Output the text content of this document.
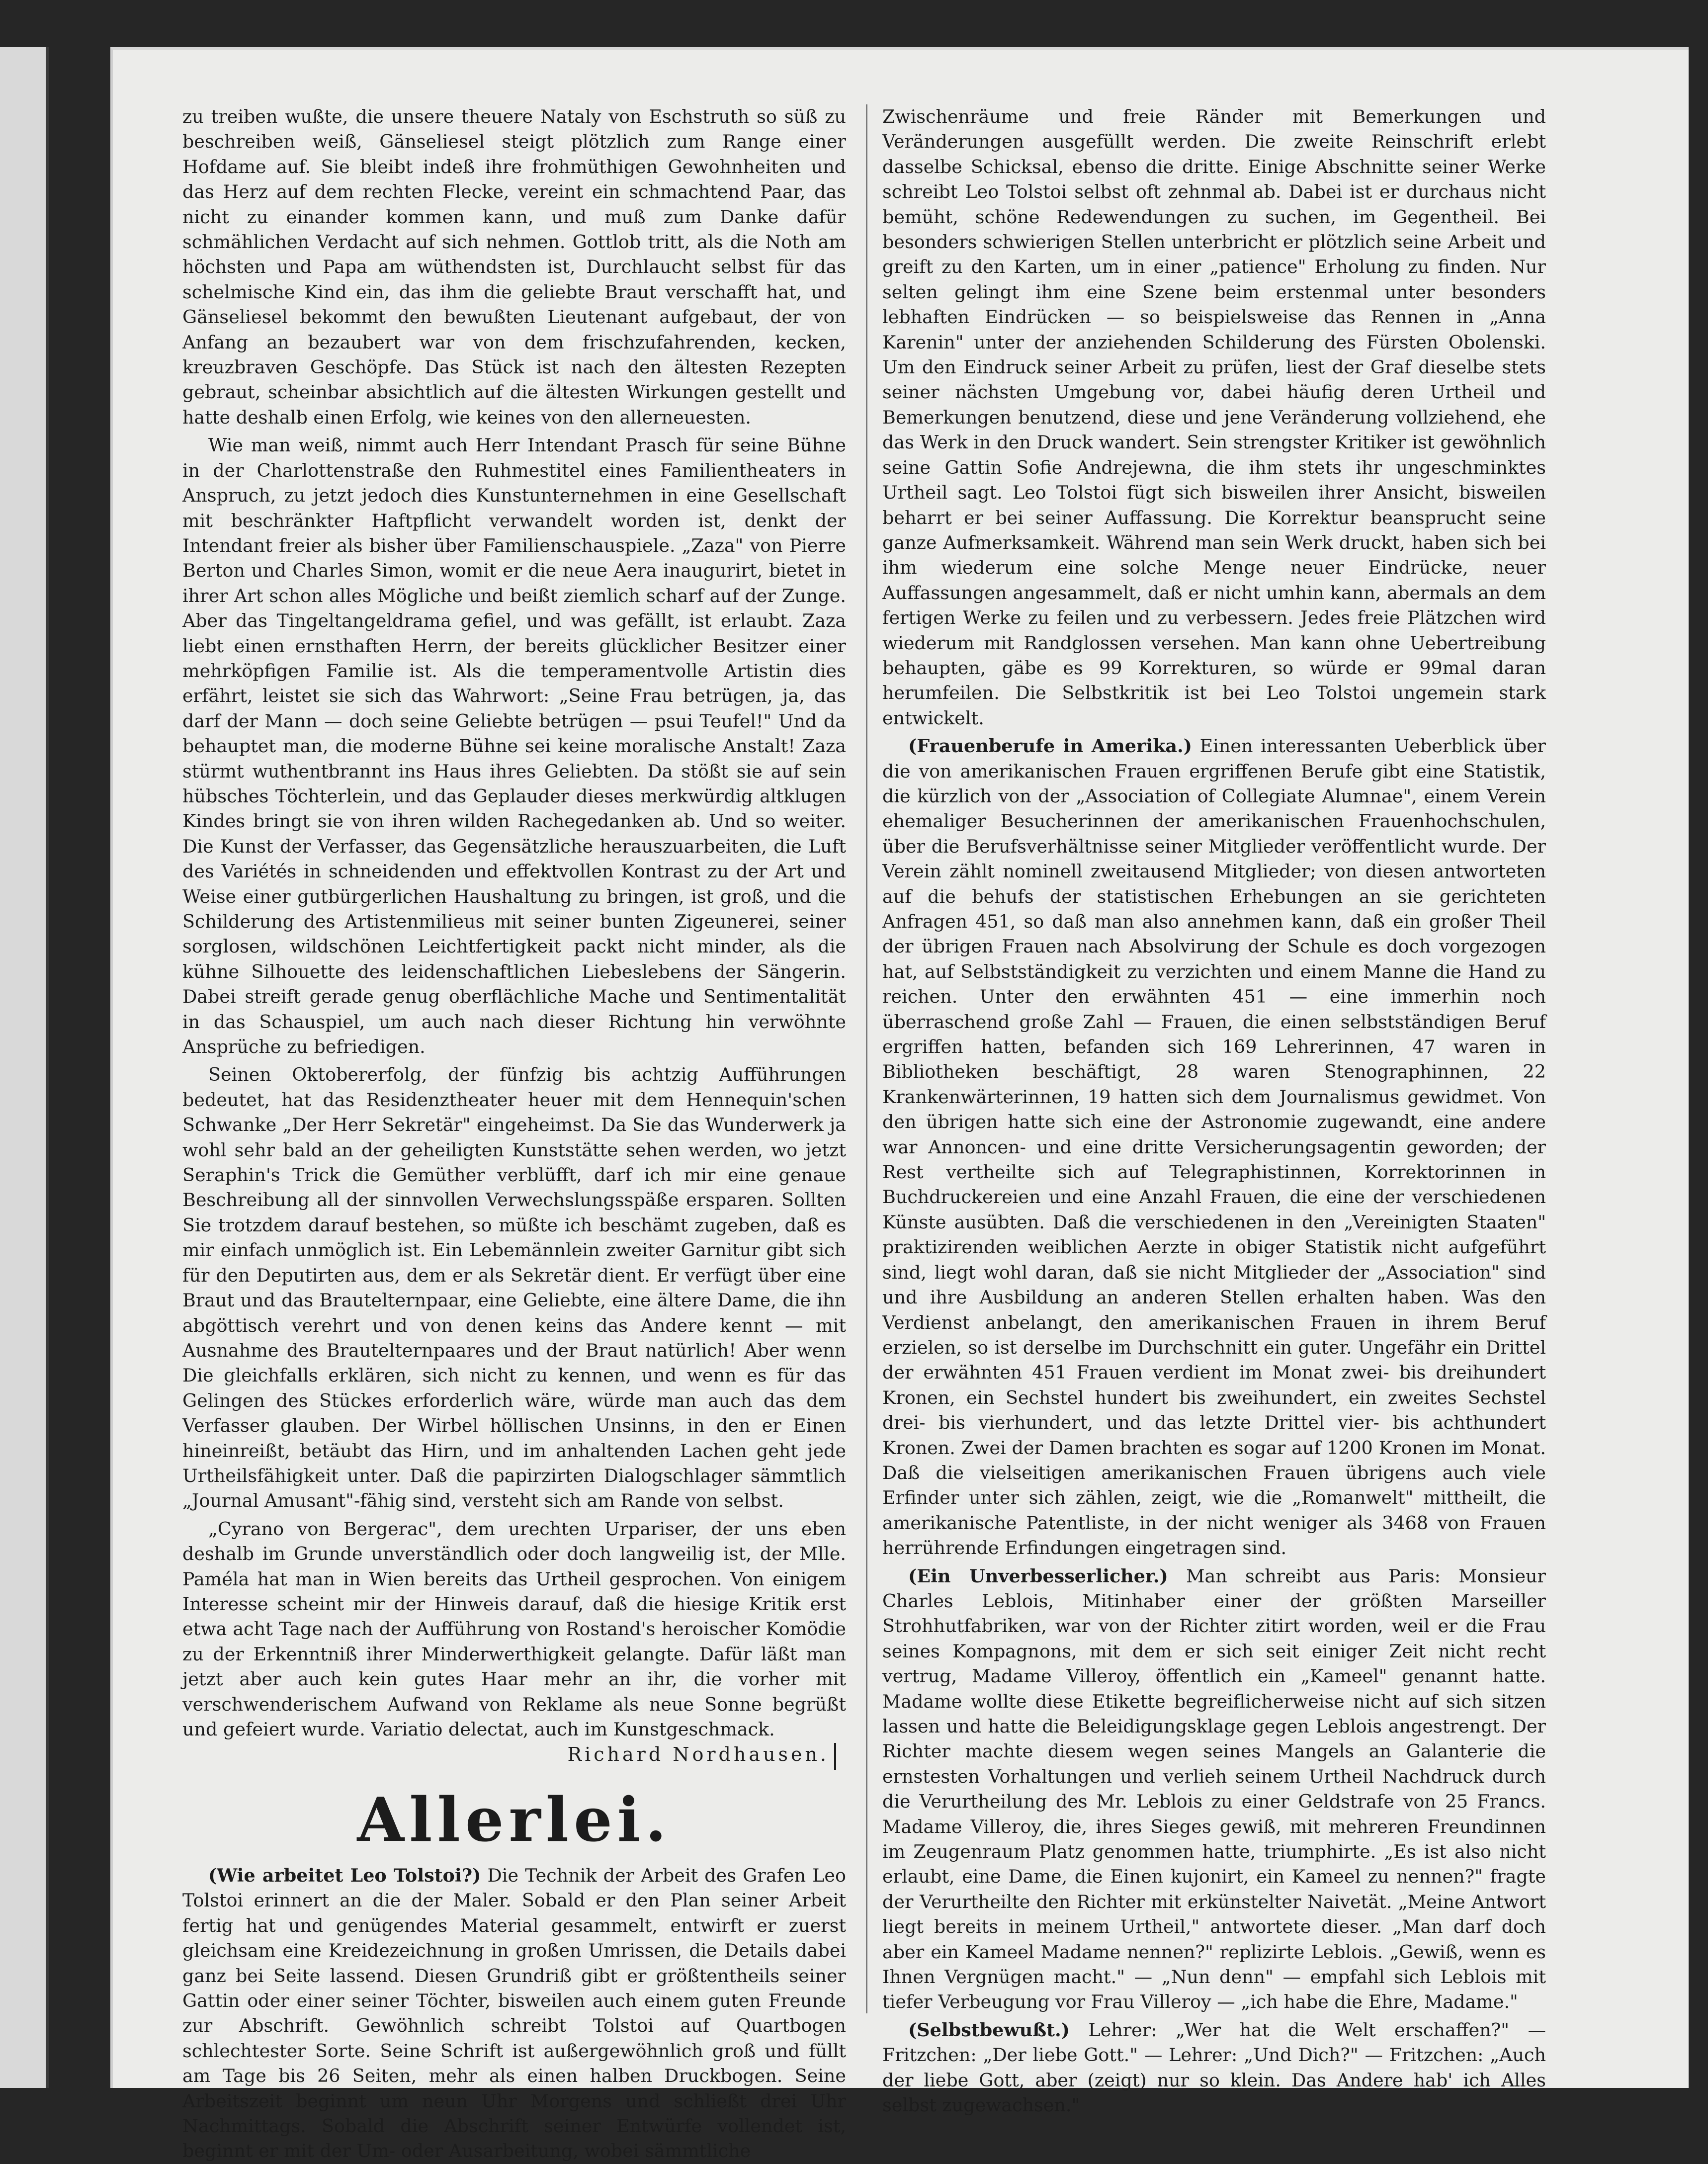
zu treiben wußte, die unsere theuere Nataly von Eschstruth so süß zu beschreiben weiß, Gänseliesel steigt plötzlich zum Range einer Hofdame auf. Sie bleibt indeß ihre frohmüthigen Gewohnheiten und das Herz auf dem rechten Flecke, vereint ein schmachtend Paar, das nicht zu einander kommen kann, und muß zum Danke dafür schmählichen Verdacht auf sich nehmen. Gottlob tritt, als die Noth am höchsten und Papa am wüthendsten ist, Durchlaucht selbst für das schelmische Kind ein, das ihm die geliebte Braut verschafft hat, und Gänseliesel bekommt den bewußten Lieutenant aufgebaut, der von Anfang an bezaubert war von dem frischzufahrenden, kecken, kreuzbraven Geschöpfe. Das Stück ist nach den ältesten Rezepten gebraut, scheinbar absichtlich auf die ältesten Wirkungen gestellt und hatte deshalb einen Erfolg, wie keines von den allerneuesten.

Wie man weiß, nimmt auch Herr Intendant Prasch für seine Bühne in der Charlottenstraße den Ruhmestitel eines Familientheaters in Anspruch, zu jetzt jedoch dies Kunstunternehmen in eine Gesellschaft mit beschränkter Haftpflicht verwandelt worden ist, denkt der Intendant freier als bisher über Familienschauspiele. „Zaza" von Pierre Berton und Charles Simon, womit er die neue Aera inaugurirt, bietet in ihrer Art schon alles Mögliche und beißt ziemlich scharf auf der Zunge. Aber das Tingeltangeldrama gefiel, und was gefällt, ist erlaubt. Zaza liebt einen ernsthaften Herrn, der bereits glücklicher Besitzer einer mehrköpfigen Familie ist. Als die temperamentvolle Artistin dies erfährt, leistet sie sich das Wahrwort: „Seine Frau betrügen, ja, das darf der Mann — doch seine Geliebte betrügen — psui Teufel!" Und da behauptet man, die moderne Bühne sei keine moralische Anstalt! Zaza stürmt wuthentbrannt ins Haus ihres Geliebten. Da stößt sie auf sein hübsches Töchterlein, und das Geplauder dieses merkwürdig altklugen Kindes bringt sie von ihren wilden Rachegedanken ab. Und so weiter. Die Kunst der Verfasser, das Gegensätzliche herauszuarbeiten, die Luft des Variétés in schneidenden und effektvollen Kontrast zu der Art und Weise einer gutbürgerlichen Haushaltung zu bringen, ist groß, und die Schilderung des Artistenmilieus mit seiner bunten Zigeunerei, seiner sorglosen, wildschönen Leichtfertigkeit packt nicht minder, als die kühne Silhouette des leidenschaftlichen Liebeslebens der Sängerin. Dabei streift gerade genug oberflächliche Mache und Sentimentalität in das Schauspiel, um auch nach dieser Richtung hin verwöhnte Ansprüche zu befriedigen.

Seinen Oktobererfolg, der fünfzig bis achtzig Aufführungen bedeutet, hat das Residenztheater heuer mit dem Hennequin'schen Schwanke „Der Herr Sekretär" eingeheimst. Da Sie das Wunderwerk ja wohl sehr bald an der geheiligten Kunststätte sehen werden, wo jetzt Seraphin's Trick die Gemüther verblüfft, darf ich mir eine genaue Beschreibung all der sinnvollen Verwechslungsspäße ersparen. Sollten Sie trotzdem darauf bestehen, so müßte ich beschämt zugeben, daß es mir einfach unmöglich ist. Ein Lebemännlein zweiter Garnitur gibt sich für den Deputirten aus, dem er als Sekretär dient. Er verfügt über eine Braut und das Brautelternpaar, eine Geliebte, eine ältere Dame, die ihn abgöttisch verehrt und von denen keins das Andere kennt — mit Ausnahme des Brautelternpaares und der Braut natürlich! Aber wenn Die gleichfalls erklären, sich nicht zu kennen, und wenn es für das Gelingen des Stückes erforderlich wäre, würde man auch das dem Verfasser glauben. Der Wirbel höllischen Unsinns, in den er Einen hineinreißt, betäubt das Hirn, und im anhaltenden Lachen geht jede Urtheilsfähigkeit unter. Daß die papirzirten Dialogschlager sämmtlich „Journal Amusant"-fähig sind, versteht sich am Rande von selbst.

„Cyrano von Bergerac", dem urechten Urpariser, der uns eben deshalb im Grunde unverständlich oder doch langweilig ist, der Mlle. Paméla hat man in Wien bereits das Urtheil gesprochen. Von einigem Interesse scheint mir der Hinweis darauf, daß die hiesige Kritik erst etwa acht Tage nach der Aufführung von Rostand's heroischer Komödie zu der Erkenntniß ihrer Minderwerthigkeit gelangte. Dafür läßt man jetzt aber auch kein gutes Haar mehr an ihr, die vorher mit verschwenderischem Aufwand von Reklame als neue Sonne begrüßt und gefeiert wurde. Variatio delectat, auch im Kunstgeschmack.

Richard Nordhausen.

Allerlei.

(Wie arbeitet Leo Tolstoi?) Die Technik der Arbeit des Grafen Leo Tolstoi erinnert an die der Maler. Sobald er den Plan seiner Arbeit fertig hat und genügendes Material gesammelt, entwirft er zuerst gleichsam eine Kreidezeichnung in großen Umrissen, die Details dabei ganz bei Seite lassend. Diesen Grundriß gibt er größtentheils seiner Gattin oder einer seiner Töchter, bisweilen auch einem guten Freunde zur Abschrift. Gewöhnlich schreibt Tolstoi auf Quartbogen schlechtester Sorte. Seine Schrift ist außergewöhnlich groß und füllt am Tage bis 26 Seiten, mehr als einen halben Druckbogen. Seine Arbeitszeit beginnt um neun Uhr Morgens und schließt drei Uhr Nachmittags. Sobald die Abschrift seiner Entwürfe vollendet ist, beginnt er mit der Um- oder Ausarbeitung, wobei sämmtliche

Zwischenräume und freie Ränder mit Bemerkungen und Veränderungen ausgefüllt werden. Die zweite Reinschrift erlebt dasselbe Schicksal, ebenso die dritte. Einige Abschnitte seiner Werke schreibt Leo Tolstoi selbst oft zehnmal ab. Dabei ist er durchaus nicht bemüht, schöne Redewendungen zu suchen, im Gegentheil. Bei besonders schwierigen Stellen unterbricht er plötzlich seine Arbeit und greift zu den Karten, um in einer „patience" Erholung zu finden. Nur selten gelingt ihm eine Szene beim erstenmal unter besonders lebhaften Eindrücken — so beispielsweise das Rennen in „Anna Karenin" unter der anziehenden Schilderung des Fürsten Obolenski. Um den Eindruck seiner Arbeit zu prüfen, liest der Graf dieselbe stets seiner nächsten Umgebung vor, dabei häufig deren Urtheil und Bemerkungen benutzend, diese und jene Veränderung vollziehend, ehe das Werk in den Druck wandert. Sein strengster Kritiker ist gewöhnlich seine Gattin Sofie Andrejewna, die ihm stets ihr ungeschminktes Urtheil sagt. Leo Tolstoi fügt sich bisweilen ihrer Ansicht, bisweilen beharrt er bei seiner Auffassung. Die Korrektur beansprucht seine ganze Aufmerksamkeit. Während man sein Werk druckt, haben sich bei ihm wiederum eine solche Menge neuer Eindrücke, neuer Auffassungen angesammelt, daß er nicht umhin kann, abermals an dem fertigen Werke zu feilen und zu verbessern. Jedes freie Plätzchen wird wiederum mit Randglossen versehen. Man kann ohne Uebertreibung behaupten, gäbe es 99 Korrekturen, so würde er 99mal daran herumfeilen. Die Selbstkritik ist bei Leo Tolstoi ungemein stark entwickelt.

(Frauenberufe in Amerika.) Einen interessanten Ueberblick über die von amerikanischen Frauen ergriffenen Berufe gibt eine Statistik, die kürzlich von der „Association of Collegiate Alumnae", einem Verein ehemaliger Besucherinnen der amerikanischen Frauenhochschulen, über die Berufsverhältnisse seiner Mitglieder veröffentlicht wurde. Der Verein zählt nominell zweitausend Mitglieder; von diesen antworteten auf die behufs der statistischen Erhebungen an sie gerichteten Anfragen 451, so daß man also annehmen kann, daß ein großer Theil der übrigen Frauen nach Absolvirung der Schule es doch vorgezogen hat, auf Selbstständigkeit zu verzichten und einem Manne die Hand zu reichen. Unter den erwähnten 451 — eine immerhin noch überraschend große Zahl — Frauen, die einen selbstständigen Beruf ergriffen hatten, befanden sich 169 Lehrerinnen, 47 waren in Bibliotheken beschäftigt, 28 waren Stenographinnen, 22 Krankenwärterinnen, 19 hatten sich dem Journalismus gewidmet. Von den übrigen hatte sich eine der Astronomie zugewandt, eine andere war Annoncen- und eine dritte Versicherungsagentin geworden; der Rest vertheilte sich auf Telegraphistinnen, Korrektorinnen in Buchdruckereien und eine Anzahl Frauen, die eine der verschiedenen Künste ausübten. Daß die verschiedenen in den „Vereinigten Staaten" praktizirenden weiblichen Aerzte in obiger Statistik nicht aufgeführt sind, liegt wohl daran, daß sie nicht Mitglieder der „Association" sind und ihre Ausbildung an anderen Stellen erhalten haben. Was den Verdienst anbelangt, den amerikanischen Frauen in ihrem Beruf erzielen, so ist derselbe im Durchschnitt ein guter. Ungefähr ein Drittel der erwähnten 451 Frauen verdient im Monat zwei- bis dreihundert Kronen, ein Sechstel hundert bis zweihundert, ein zweites Sechstel drei- bis vierhundert, und das letzte Drittel vier- bis achthundert Kronen. Zwei der Damen brachten es sogar auf 1200 Kronen im Monat. Daß die vielseitigen amerikanischen Frauen übrigens auch viele Erfinder unter sich zählen, zeigt, wie die „Romanwelt" mittheilt, die amerikanische Patentliste, in der nicht weniger als 3468 von Frauen herrührende Erfindungen eingetragen sind.

(Ein Unverbesserlicher.) Man schreibt aus Paris: Monsieur Charles Leblois, Mitinhaber einer der größten Marseiller Strohhutfabriken, war von der Richter zitirt worden, weil er die Frau seines Kompagnons, mit dem er sich seit einiger Zeit nicht recht vertrug, Madame Villeroy, öffentlich ein „Kameel" genannt hatte. Madame wollte diese Etikette begreiflicherweise nicht auf sich sitzen lassen und hatte die Beleidigungsklage gegen Leblois angestrengt. Der Richter machte diesem wegen seines Mangels an Galanterie die ernstesten Vorhaltungen und verlieh seinem Urtheil Nachdruck durch die Verurtheilung des Mr. Leblois zu einer Geldstrafe von 25 Francs. Madame Villeroy, die, ihres Sieges gewiß, mit mehreren Freundinnen im Zeugenraum Platz genommen hatte, triumphirte. „Es ist also nicht erlaubt, eine Dame, die Einen kujonirt, ein Kameel zu nennen?" fragte der Verurtheilte den Richter mit erkünstelter Naivetät. „Meine Antwort liegt bereits in meinem Urtheil," antwortete dieser. „Man darf doch aber ein Kameel Madame nennen?" replizirte Leblois. „Gewiß, wenn es Ihnen Vergnügen macht." — „Nun denn" — empfahl sich Leblois mit tiefer Verbeugung vor Frau Villeroy — „ich habe die Ehre, Madame."

(Selbstbewußt.) Lehrer: „Wer hat die Welt erschaffen?" — Fritzchen: „Der liebe Gott." — Lehrer: „Und Dich?" — Fritzchen: „Auch der liebe Gott, aber (zeigt) nur so klein. Das Andere hab' ich Alles selbst zugewachsen."
